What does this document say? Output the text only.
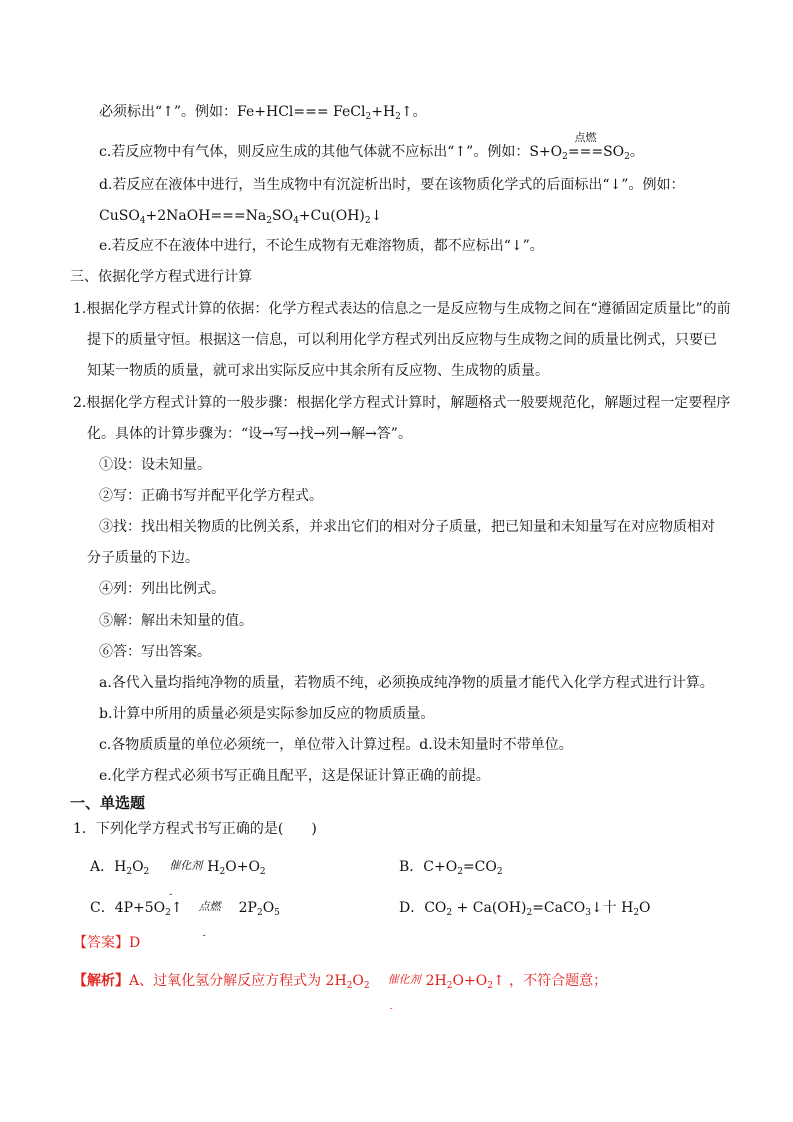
必须标出“↑”。例如：$Fe+HCl=== FeCl_2+H_2↑$。
c.若反应物中有气体，则反应生成的其他气体就不应标出“↑”。例如：$S+O_2$
点燃
$===SO_2$。
d.若反应在液体中进行，当生成物中有沉淀析出时，要在该物质化学式的后面标出“↓”。例如：
$CuSO_4+2NaOH===Na_2SO_4+Cu(OH)_2↓$
e.若反应不在液体中进行，不论生成物有无难溶物质，都不应标出“↓”。
三、依据化学方程式进行计算
1.根据化学方程式计算的依据：化学方程式表达的信息之一是反应物与生成物之间在“遵循固定质量比”的前
提下的质量守恒。根据这一信息，可以利用化学方程式列出反应物与生成物之间的质量比例式，只要已
知某一物质的质量，就可求出实际反应中其余所有反应物、生成物的质量。
2.根据化学方程式计算的一般步骤：根据化学方程式计算时，解题格式一般要规范化，解题过程一定要程序
化。具体的计算步骤为：“设→写→找→列→解→答”。
①设：设未知量。
②写：正确书写并配平化学方程式。
③找：找出相关物质的比例关系，并求出它们的相对分子质量，把已知量和未知量写在对应物质相对
分子质量的下边。
④列：列出比例式。
⑤解：解出未知量的值。
⑥答：写出答案。
a.各代入量均指纯净物的质量，若物质不纯，必须换成纯净物的质量才能代入化学方程式进行计算。
b.计算中所用的质量必须是实际参加反应的物质质量。
c.各物质质量的单位必须统一，单位带入计算过程。d.设未知量时不带单位。
e.化学方程式必须书写正确且配平，这是保证计算正确的前提。
一、单选题
1．下列化学方程式书写正确的是(　　)
A．$H_2O_2$ 催化剂
-
$H_2O+O_2$	B．$C+O_2=CO_2$
C．$4P+5O_2↑$ 点燃
-
$2P_2O_5$	D．$CO_2$ + $Ca(OH)_2=CaCO_3↓$十 $H_2O$
【答案】D
【解析】A、过氧化氢分解反应方程式为 $2H_2O_2$ 催化剂
-
$2H_2O+O_2↑$ ，不符合题意；
